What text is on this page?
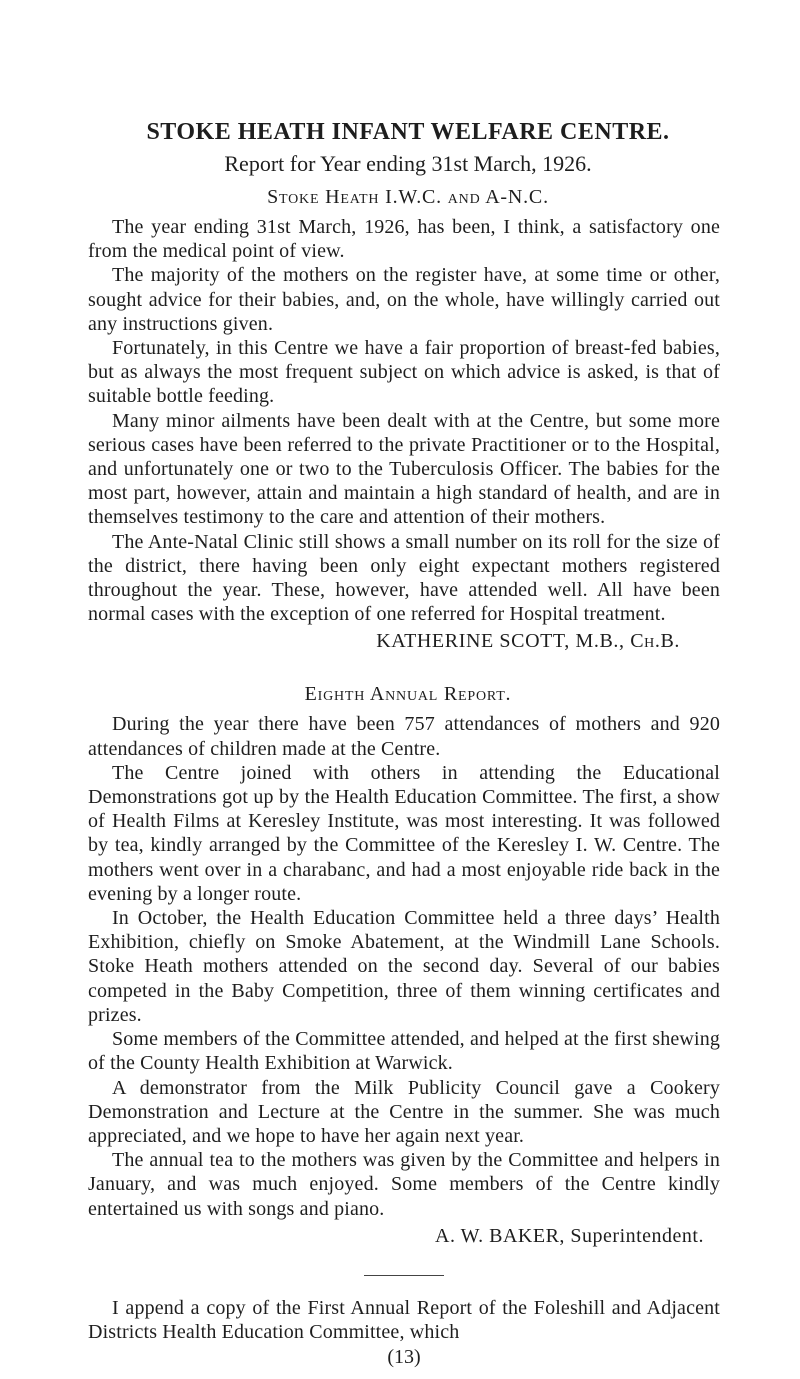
STOKE HEATH INFANT WELFARE CENTRE.
Report for Year ending 31st March, 1926.
Stoke Heath I.W.C. and A-N.C.

The year ending 31st March, 1926, has been, I think, a satisfactory one from the medical point of view.

The majority of the mothers on the register have, at some time or other, sought advice for their babies, and, on the whole, have willingly carried out any instructions given.

Fortunately, in this Centre we have a fair proportion of breast-fed babies, but as always the most frequent subject on which advice is asked, is that of suitable bottle feeding.

Many minor ailments have been dealt with at the Centre, but some more serious cases have been referred to the private Practitioner or to the Hospital, and unfortunately one or two to the Tuberculosis Officer. The babies for the most part, however, attain and maintain a high standard of health, and are in themselves testimony to the care and attention of their mothers.

The Ante-Natal Clinic still shows a small number on its roll for the size of the district, there having been only eight expectant mothers registered throughout the year. These, however, have attended well. All have been normal cases with the exception of one referred for Hospital treatment.

KATHERINE SCOTT, M.B., Ch.B.
Eighth Annual Report.

During the year there have been 757 attendances of mothers and 920 attendances of children made at the Centre.

The Centre joined with others in attending the Educational Demonstrations got up by the Health Education Committee. The first, a show of Health Films at Keresley Institute, was most interesting. It was followed by tea, kindly arranged by the Committee of the Keresley I. W. Centre. The mothers went over in a charabanc, and had a most enjoyable ride back in the evening by a longer route.

In October, the Health Education Committee held a three days’ Health Exhibition, chiefly on Smoke Abatement, at the Windmill Lane Schools. Stoke Heath mothers attended on the second day. Several of our babies competed in the Baby Competition, three of them winning certificates and prizes.

Some members of the Committee attended, and helped at the first shewing of the County Health Exhibition at Warwick.

A demonstrator from the Milk Publicity Council gave a Cookery Demonstration and Lecture at the Centre in the summer. She was much appreciated, and we hope to have her again next year.

The annual tea to the mothers was given by the Committee and helpers in January, and was much enjoyed. Some members of the Centre kindly entertained us with songs and piano.

A. W. BAKER, Superintendent.

I append a copy of the First Annual Report of the Foleshill and Adjacent Districts Health Education Committee, which

(13)
